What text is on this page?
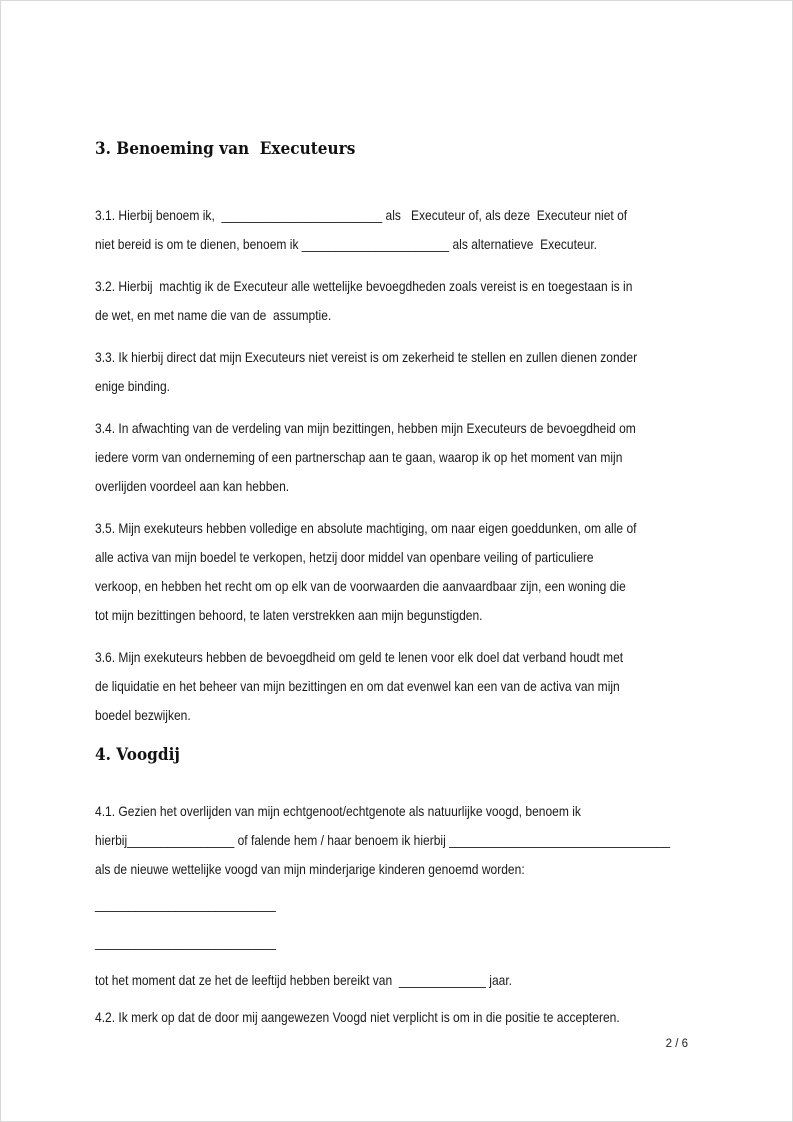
3. Benoeming van  Executeurs

3.1. Hierbij benoem ik,  ________________________ als   Executeur of, als deze  Executeur niet of
niet bereid is om te dienen, benoem ik ______________________ als alternatieve  Executeur.

3.2. Hierbij  machtig ik de Executeur alle wettelijke bevoegdheden zoals vereist is en toegestaan is in
de wet, en met name die van de  assumptie.

3.3. Ik hierbij direct dat mijn Executeurs niet vereist is om zekerheid te stellen en zullen dienen zonder
enige binding.

3.4. In afwachting van de verdeling van mijn bezittingen, hebben mijn Executeurs de bevoegdheid om
iedere vorm van onderneming of een partnerschap aan te gaan, waarop ik op het moment van mijn
overlijden voordeel aan kan hebben.

3.5. Mijn exekuteurs hebben volledige en absolute machtiging, om naar eigen goeddunken, om alle of
alle activa van mijn boedel te verkopen, hetzij door middel van openbare veiling of particuliere
verkoop, en hebben het recht om op elk van de voorwaarden die aanvaardbaar zijn, een woning die
tot mijn bezittingen behoord, te laten verstrekken aan mijn begunstigden.

3.6. Mijn exekuteurs hebben de bevoegdheid om geld te lenen voor elk doel dat verband houdt met
de liquidatie en het beheer van mijn bezittingen en om dat evenwel kan een van de activa van mijn
boedel bezwijken.

4. Voogdij

4.1. Gezien het overlijden van mijn echtgenoot/echtgenote als natuurlijke voogd, benoem ik
hierbij________________ of falende hem / haar benoem ik hierbij _________________________________
als de nieuwe wettelijke voogd van mijn minderjarige kinderen genoemd worden:

___________________________

___________________________

tot het moment dat ze het de leeftijd hebben bereikt van  _____________ jaar.

4.2. Ik merk op dat de door mij aangewezen Voogd niet verplicht is om in die positie te accepteren.

2 / 6
